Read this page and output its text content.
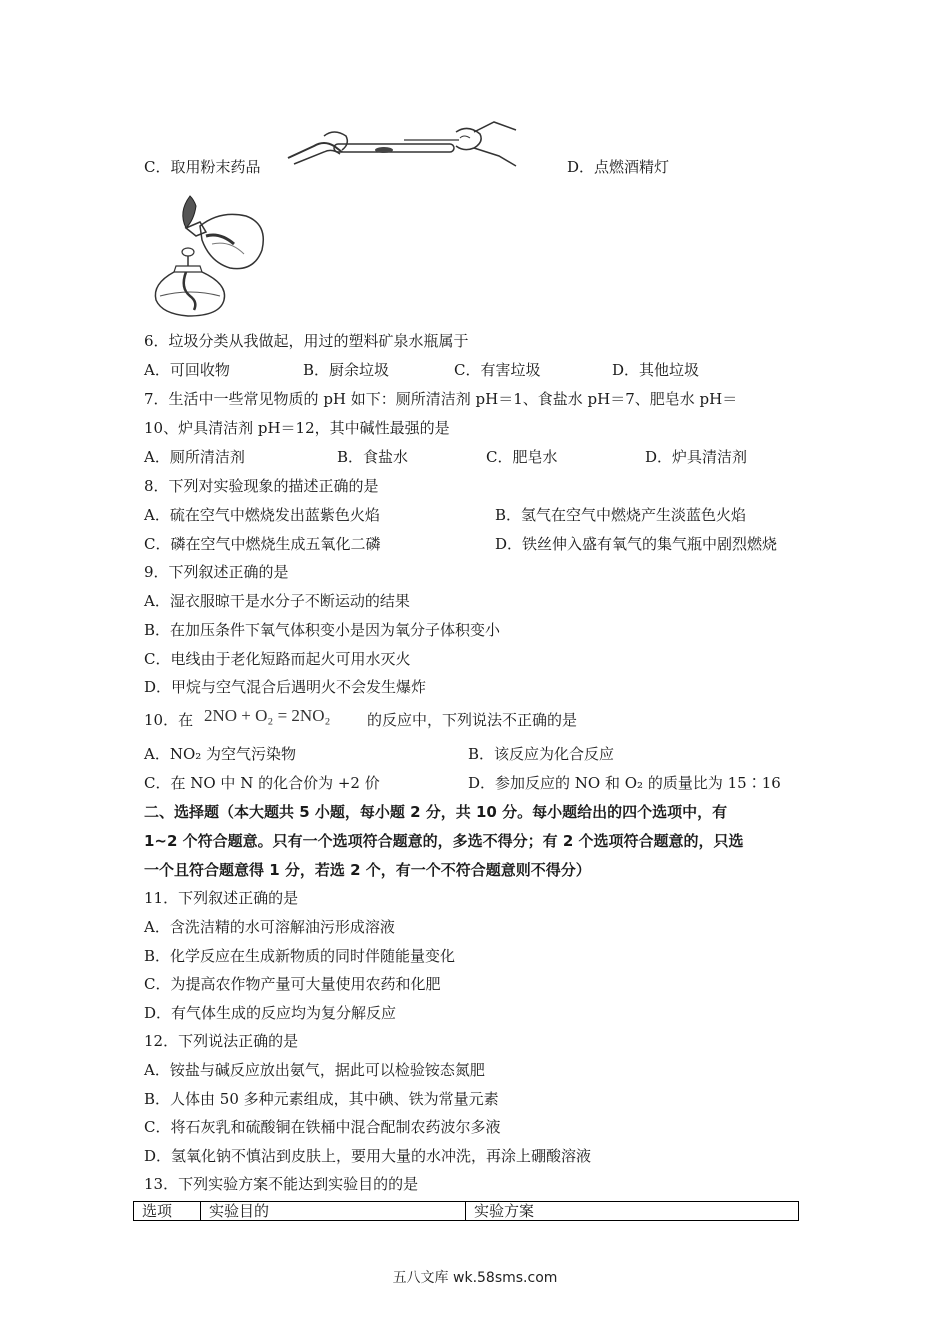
C．取用粉末药品	D．点燃酒精灯
6．垃圾分类从我做起，用过的塑料矿泉水瓶属于
A．可回收物	B．厨余垃圾	C．有害垃圾	D．其他垃圾
7．生活中一些常见物质的 pH 如下：厕所清洁剂 pH＝1、食盐水 pH＝7、肥皂水 pH＝
10、炉具清洁剂 pH＝12，其中碱性最强的是
A．厕所清洁剂	B．食盐水	C．肥皂水	D．炉具清洁剂
8．下列对实验现象的描述正确的是
A．硫在空气中燃烧发出蓝紫色火焰	B．氢气在空气中燃烧产生淡蓝色火焰
C．磷在空气中燃烧生成五氧化二磷	D．铁丝伸入盛有氧气的集气瓶中剧烈燃烧
9．下列叙述正确的是
A．湿衣服晾干是水分子不断运动的结果
B．在加压条件下氧气体积变小是因为氧分子体积变小
C．电线由于老化短路而起火可用水灭火
D．甲烷与空气混合后遇明火不会发生爆炸
10．在 2NO + O₂ = 2NO₂ 的反应中，下列说法不正确的是
A．NO₂ 为空气污染物	B．该反应为化合反应
C．在 NO 中 N 的化合价为 +2 价	D．参加反应的 NO 和 O₂ 的质量比为 15∶16
二、选择题（本大题共 5 小题，每小题 2 分，共 10 分。每小题给出的四个选项中，有
1~2 个符合题意。只有一个选项符合题意的，多选不得分；有 2 个选项符合题意的，只选
一个且符合题意得 1 分，若选 2 个，有一个不符合题意则不得分）
11．下列叙述正确的是
A．含洗洁精的水可溶解油污形成溶液
B．化学反应在生成新物质的同时伴随能量变化
C．为提高农作物产量可大量使用农药和化肥
D．有气体生成的反应均为复分解反应
12．下列说法正确的是
A．铵盐与碱反应放出氨气，据此可以检验铵态氮肥
B．人体由 50 多种元素组成，其中碘、铁为常量元素
C．将石灰乳和硫酸铜在铁桶中混合配制农药波尔多液
D．氢氧化钠不慎沾到皮肤上，要用大量的水冲洗，再涂上硼酸溶液
13．下列实验方案不能达到实验目的的是
选项	实验目的	实验方案
五八文库 wk.58sms.com
